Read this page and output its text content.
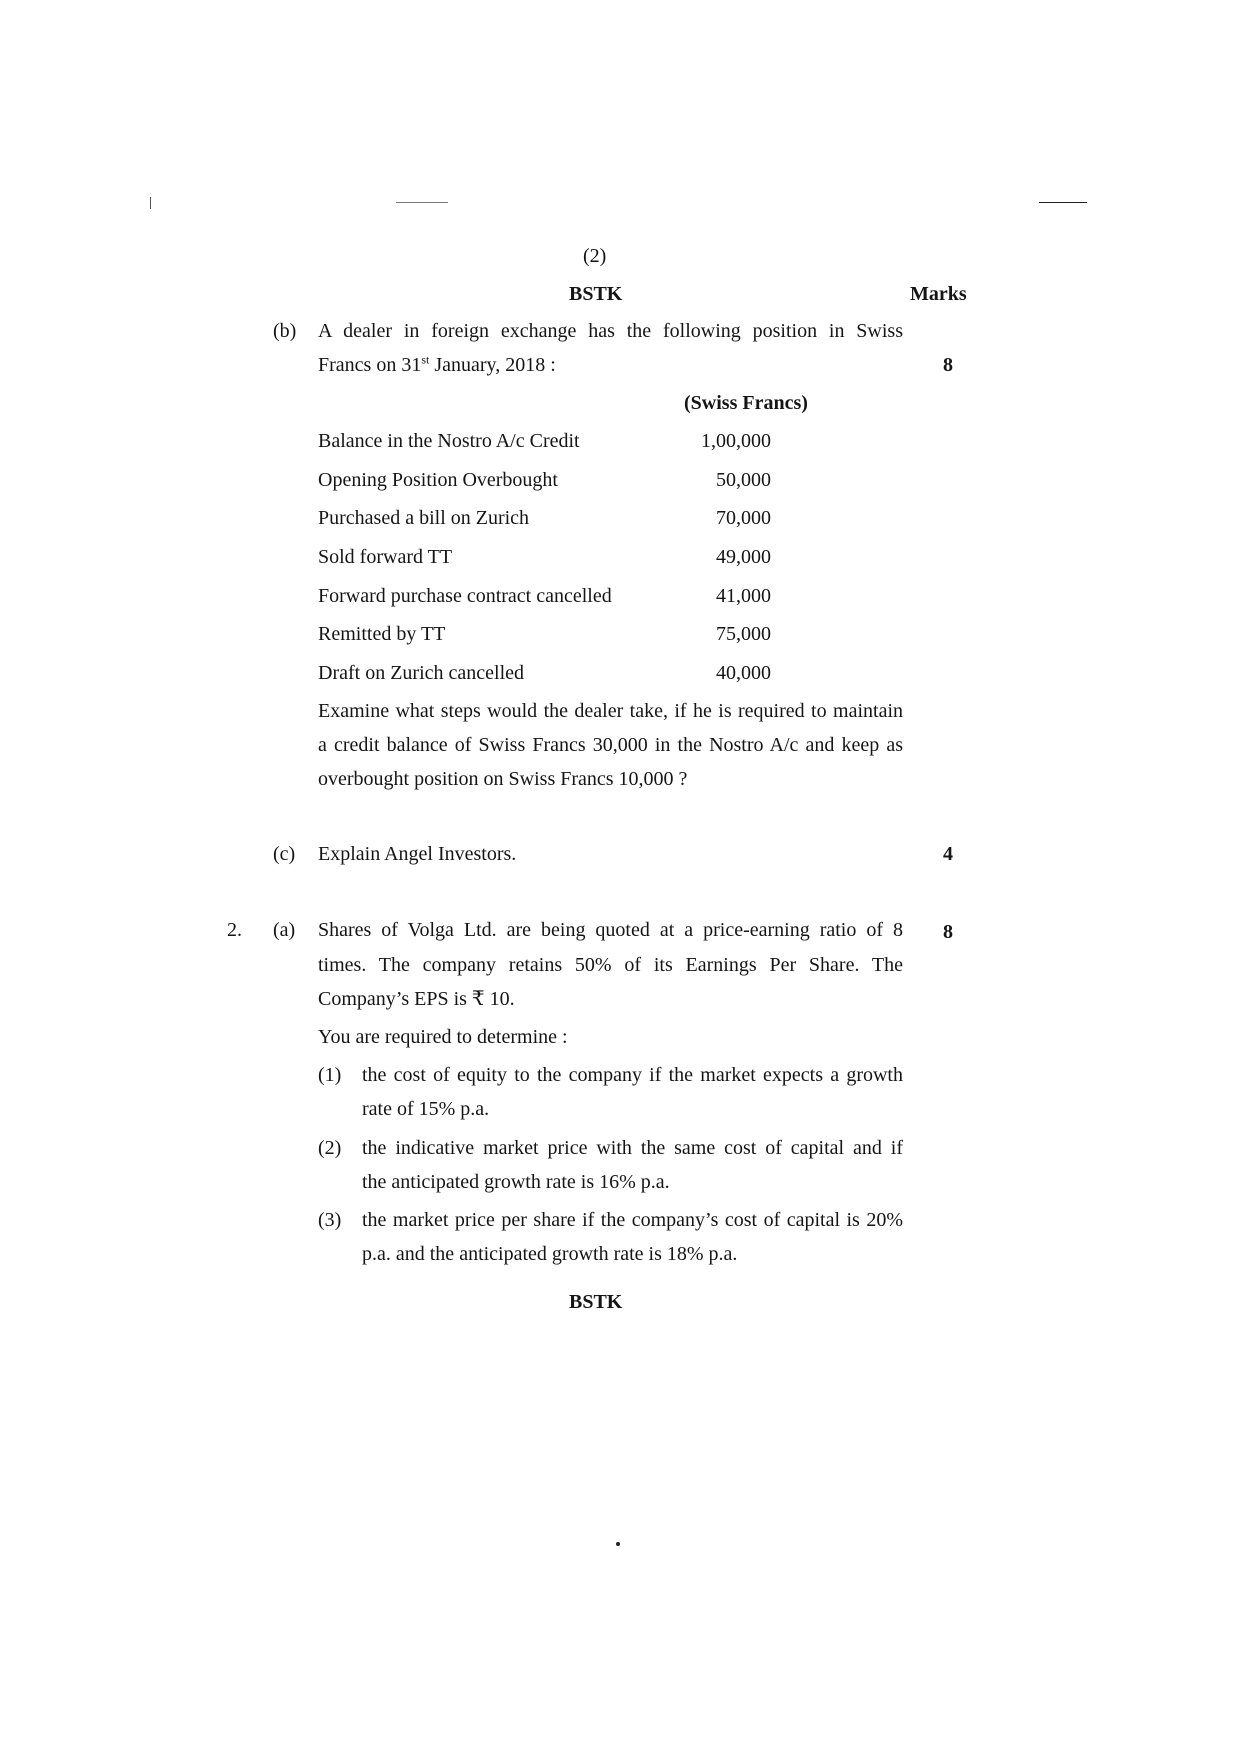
(2)
BSTK	Marks
(b) A dealer in foreign exchange has the following position in Swiss
Francs on 31st January, 2018 :	8
(Swiss Francs)
Balance in the Nostro A/c Credit	1,00,000
Opening Position Overbought	50,000
Purchased a bill on Zurich	70,000
Sold forward TT	49,000
Forward purchase contract cancelled	41,000
Remitted by TT	75,000
Draft on Zurich cancelled	40,000
Examine what steps would the dealer take, if he is required to maintain
a credit balance of Swiss Francs 30,000 in the Nostro A/c and keep as
overbought position on Swiss Francs 10,000 ?
(c) Explain Angel Investors.	4
2. (a) Shares of Volga Ltd. are being quoted at a price-earning ratio of 8	8
times. The company retains 50% of its Earnings Per Share. The
Company’s EPS is ₹ 10.
You are required to determine :
(1) the cost of equity to the company if the market expects a growth
rate of 15% p.a.
(2) the indicative market price with the same cost of capital and if
the anticipated growth rate is 16% p.a.
(3) the market price per share if the company’s cost of capital is 20%
p.a. and the anticipated growth rate is 18% p.a.
BSTK
